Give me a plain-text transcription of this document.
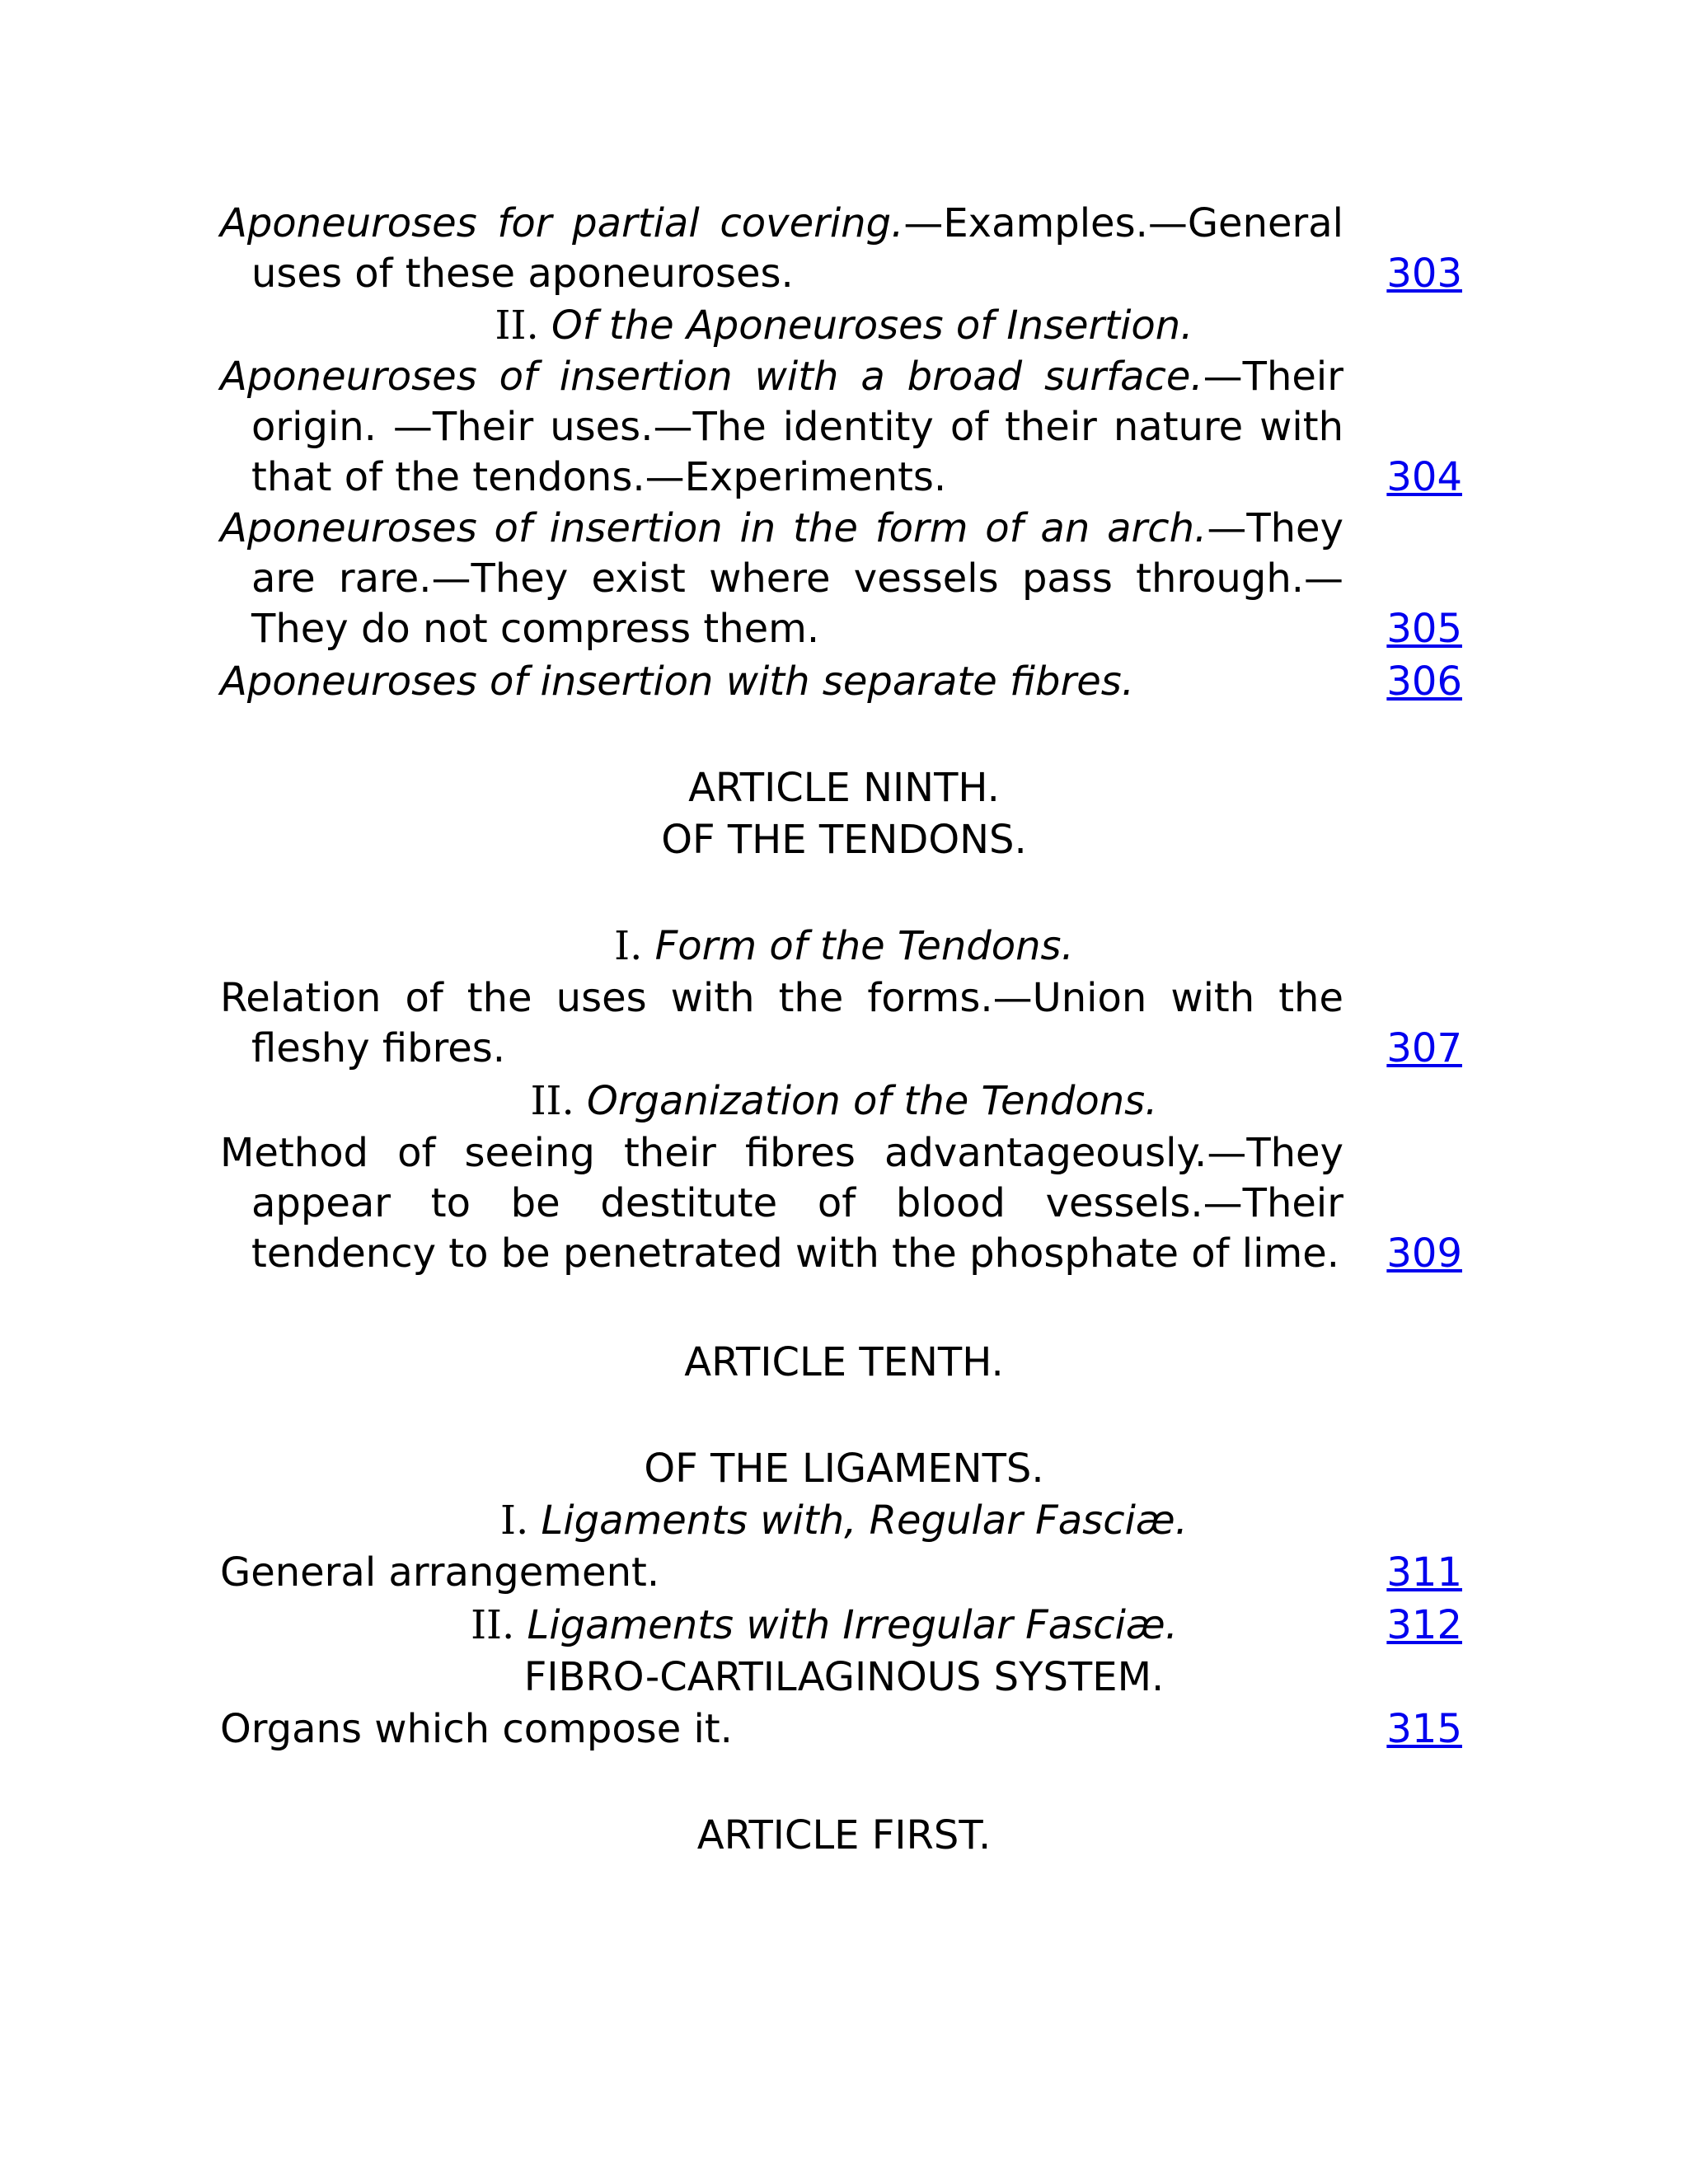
Aponeuroses for partial covering.—Examples.—General uses of these aponeuroses.	303
II. Of the Aponeuroses of Insertion.
Aponeuroses of insertion with a broad surface.—Their origin. —Their uses.—The identity of their nature with that of the tendons.—Experiments.	304
Aponeuroses of insertion in the form of an arch.—They are rare.—They exist where vessels pass through.—They do not compress them.	305
Aponeuroses of insertion with separate fibres.	306
ARTICLE NINTH.
OF THE TENDONS.
I. Form of the Tendons.
Relation of the uses with the forms.—Union with the fleshy fibres.	307
II. Organization of the Tendons.
Method of seeing their fibres advantageously.—They appear to be destitute of blood vessels.—Their tendency to be penetrated with the phosphate of lime. 309
ARTICLE TENTH.
OF THE LIGAMENTS.
I. Ligaments with, Regular Fasciæ.
General arrangement.	311
II. Ligaments with Irregular Fasciæ.	312
FIBRO-CARTILAGINOUS SYSTEM.
Organs which compose it.	315
ARTICLE FIRST.
